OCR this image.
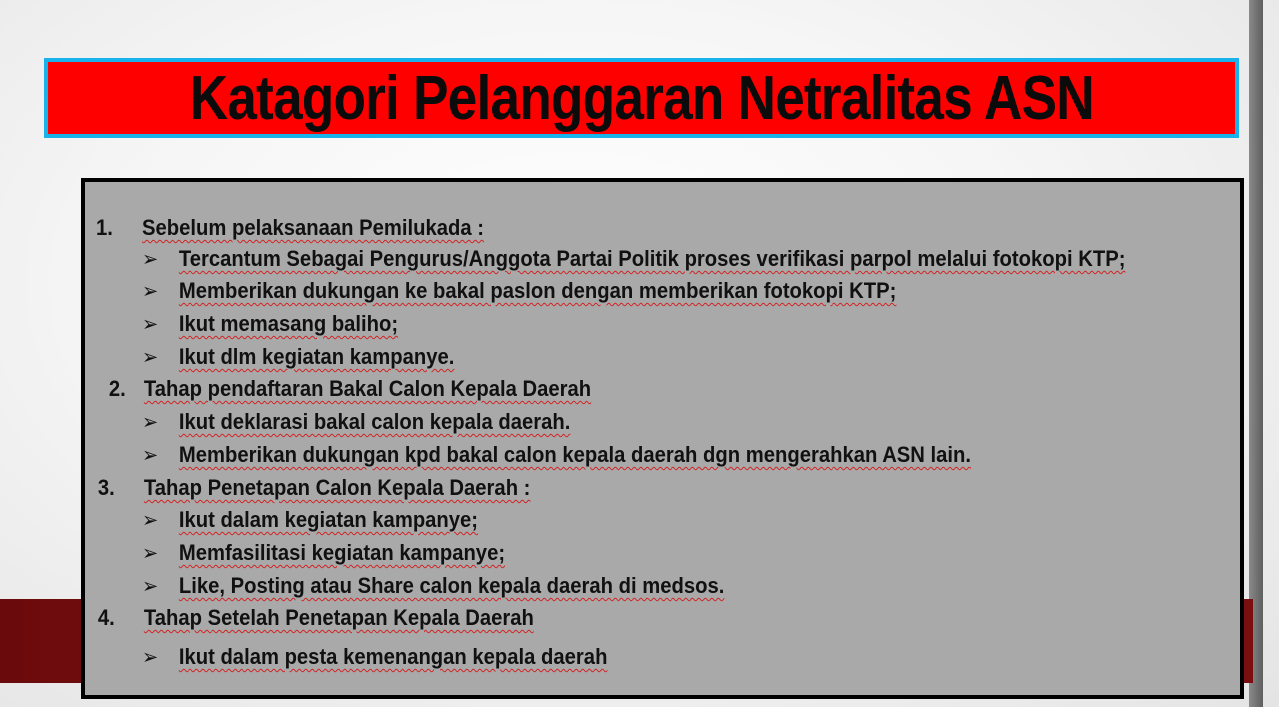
Katagori Pelanggaran Netralitas ASN
1. Sebelum pelaksanaan Pemilukada :
➢ Tercantum Sebagai Pengurus/Anggota Partai Politik proses verifikasi parpol melalui fotokopi KTP;
➢ Memberikan dukungan ke bakal paslon dengan memberikan fotokopi KTP;
➢ Ikut memasang baliho;
➢ Ikut dlm kegiatan kampanye.
2. Tahap pendaftaran Bakal Calon Kepala Daerah
➢ Ikut deklarasi bakal calon kepala daerah.
➢ Memberikan dukungan kpd bakal calon kepala daerah dgn mengerahkan ASN lain.
3. Tahap Penetapan Calon Kepala Daerah :
➢ Ikut dalam kegiatan kampanye;
➢ Memfasilitasi kegiatan kampanye;
➢ Like, Posting atau Share calon kepala daerah di medsos.
4. Tahap Setelah Penetapan Kepala Daerah
➢ Ikut dalam pesta kemenangan kepala daerah
